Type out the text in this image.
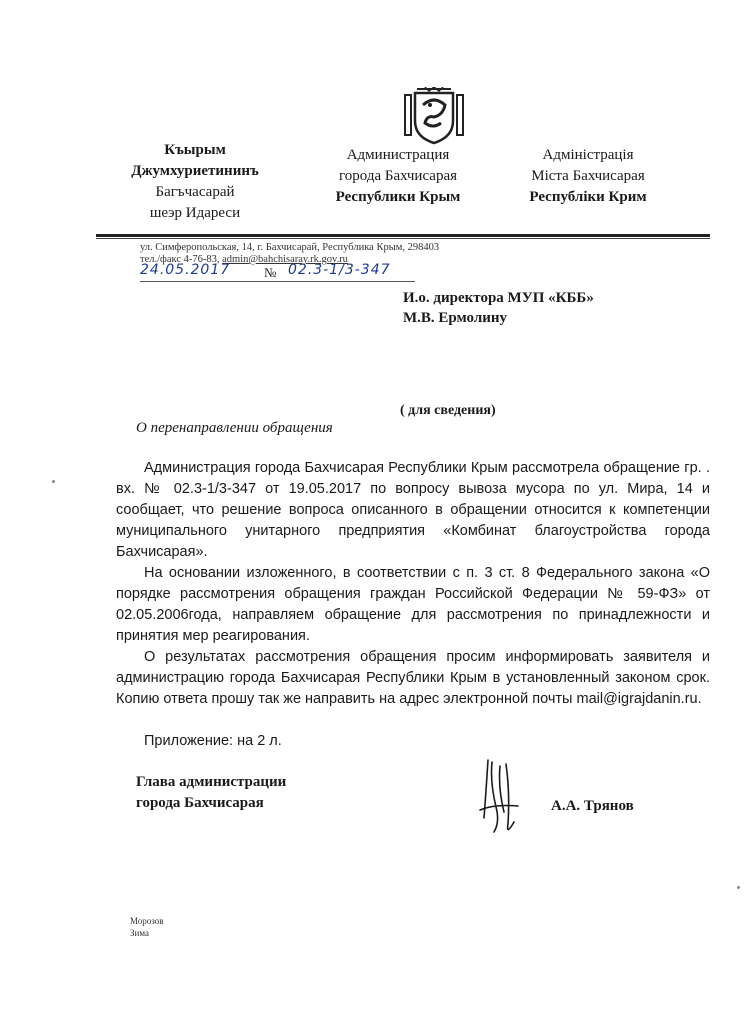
Къырым
Джумхуриетининъ
Багъчасарай
шеэр Идареси
Администрация
города Бахчисарая
Республики Крым
Адміністрація
Міста Бахчисарая
Республіки Крим
ул. Симферопольская, 14, г. Бахчисарай, Республика Крым, 298403
тел./факс 4-76-83, admin@bahchisaray.rk.gov.ru
24.05.2017	№ 02.3-1/3-347
И.о. директора МУП «КББ»
М.В. Ермолину
( для сведения)
О перенаправлении обращения

Администрация города Бахчисарая Республики Крым рассмотрела обращение гр. . вх. № 02.3-1/3-347 от 19.05.2017 по вопросу вывоза мусора по ул. Мира, 14 и сообщает, что решение вопроса описанного в обращении относится к компетенции муниципального унитарного предприятия «Комбинат благоустройства города Бахчисарая».

На основании изложенного, в соответствии с п. 3 ст. 8 Федерального закона «О порядке рассмотрения обращения граждан Российской Федерации № 59-ФЗ» от 02.05.2006года, направляем обращение для рассмотрения по принадлежности и принятия мер реагирования.

О результатах рассмотрения обращения просим информировать заявителя и администрацию города Бахчисарая Республики Крым в установленный законом срок. Копию ответа прошу так же направить на адрес электронной почты mail@igrajdanin.ru.

Приложение: на 2 л.
Глава администрации
города Бахчисарая	А.А. Трянов
Морозов
Зима
